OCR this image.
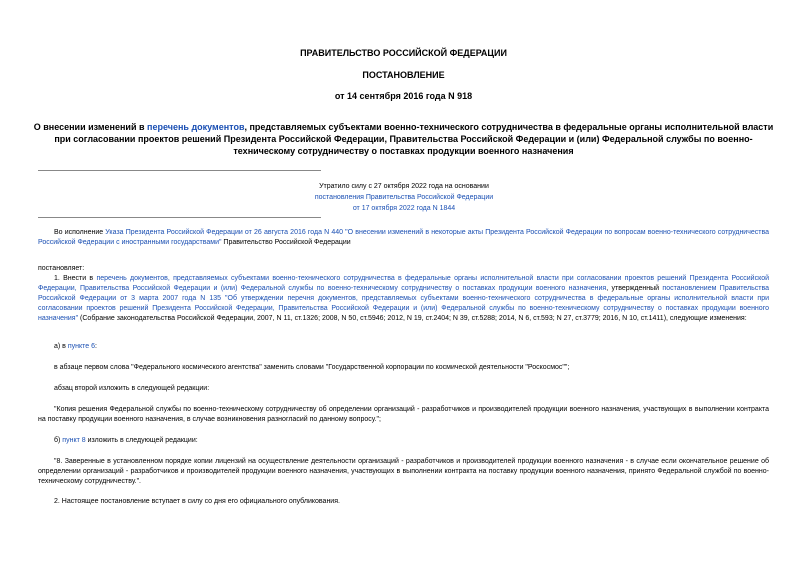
ПРАВИТЕЛЬСТВО РОССИЙСКОЙ ФЕДЕРАЦИИ
ПОСТАНОВЛЕНИЕ
от 14 сентября 2016 года N 918
О внесении изменений в перечень документов, представляемых субъектами военно-технического сотрудничества в федеральные органы исполнительной власти при согласовании проектов решений Президента Российской Федерации, Правительства Российской Федерации и (или) Федеральной службы по военно-техническому сотрудничеству о поставках продукции военного назначения
Утратило силу с 27 октября 2022 года на основании
постановления Правительства Российской Федерации
от 17 октября 2022 года N 1844
Во исполнение Указа Президента Российской Федерации от 26 августа 2016 года N 440 "О внесении изменений в некоторые акты Президента Российской Федерации по вопросам военно-технического сотрудничества Российской Федерации с иностранными государствами" Правительство Российской Федерации
постановляет:
1. Внести в перечень документов, представляемых субъектами военно-технического сотрудничества в федеральные органы исполнительной власти при согласовании проектов решений Президента Российской Федерации, Правительства Российской Федерации и (или) Федеральной службы по военно-техническому сотрудничеству о поставках продукции военного назначения, утвержденный постановлением Правительства Российской Федерации от 3 марта 2007 года N 135 "Об утверждении перечня документов, представляемых субъектами военно-технического сотрудничества в федеральные органы исполнительной власти при согласовании проектов решений Президента Российской Федерации, Правительства Российской Федерации и (или) Федеральной службы по военно-техническому сотрудничеству о поставках продукции военного назначения" (Собрание законодательства Российской Федерации, 2007, N 11, ст.1326; 2008, N 50, ст.5946; 2012, N 19, ст.2404; N 39, ст.5288; 2014, N 6, ст.593; N 27, ст.3779; 2016, N 10, ст.1411), следующие изменения:
а) в пункте 6:
в абзаце первом слова "Федерального космического агентства" заменить словами "Государственной корпорации по космической деятельности "Роскосмос"";
абзац второй изложить в следующей редакции:
"Копия решения Федеральной службы по военно-техническому сотрудничеству об определении организаций - разработчиков и производителей продукции военного назначения, участвующих в выполнении контракта на поставку продукции военного назначения, в случае возникновения разногласий по данному вопросу.";
б) пункт 8 изложить в следующей редакции:
"8. Заверенные в установленном порядке копии лицензий на осуществление деятельности организаций - разработчиков и производителей продукции военного назначения - в случае если окончательное решение об определении организаций - разработчиков и производителей продукции военного назначения, участвующих в выполнении контракта на поставку продукции военного назначения, принято Федеральной службой по военно-техническому сотрудничеству.".
2. Настоящее постановление вступает в силу со дня его официального опубликования.
